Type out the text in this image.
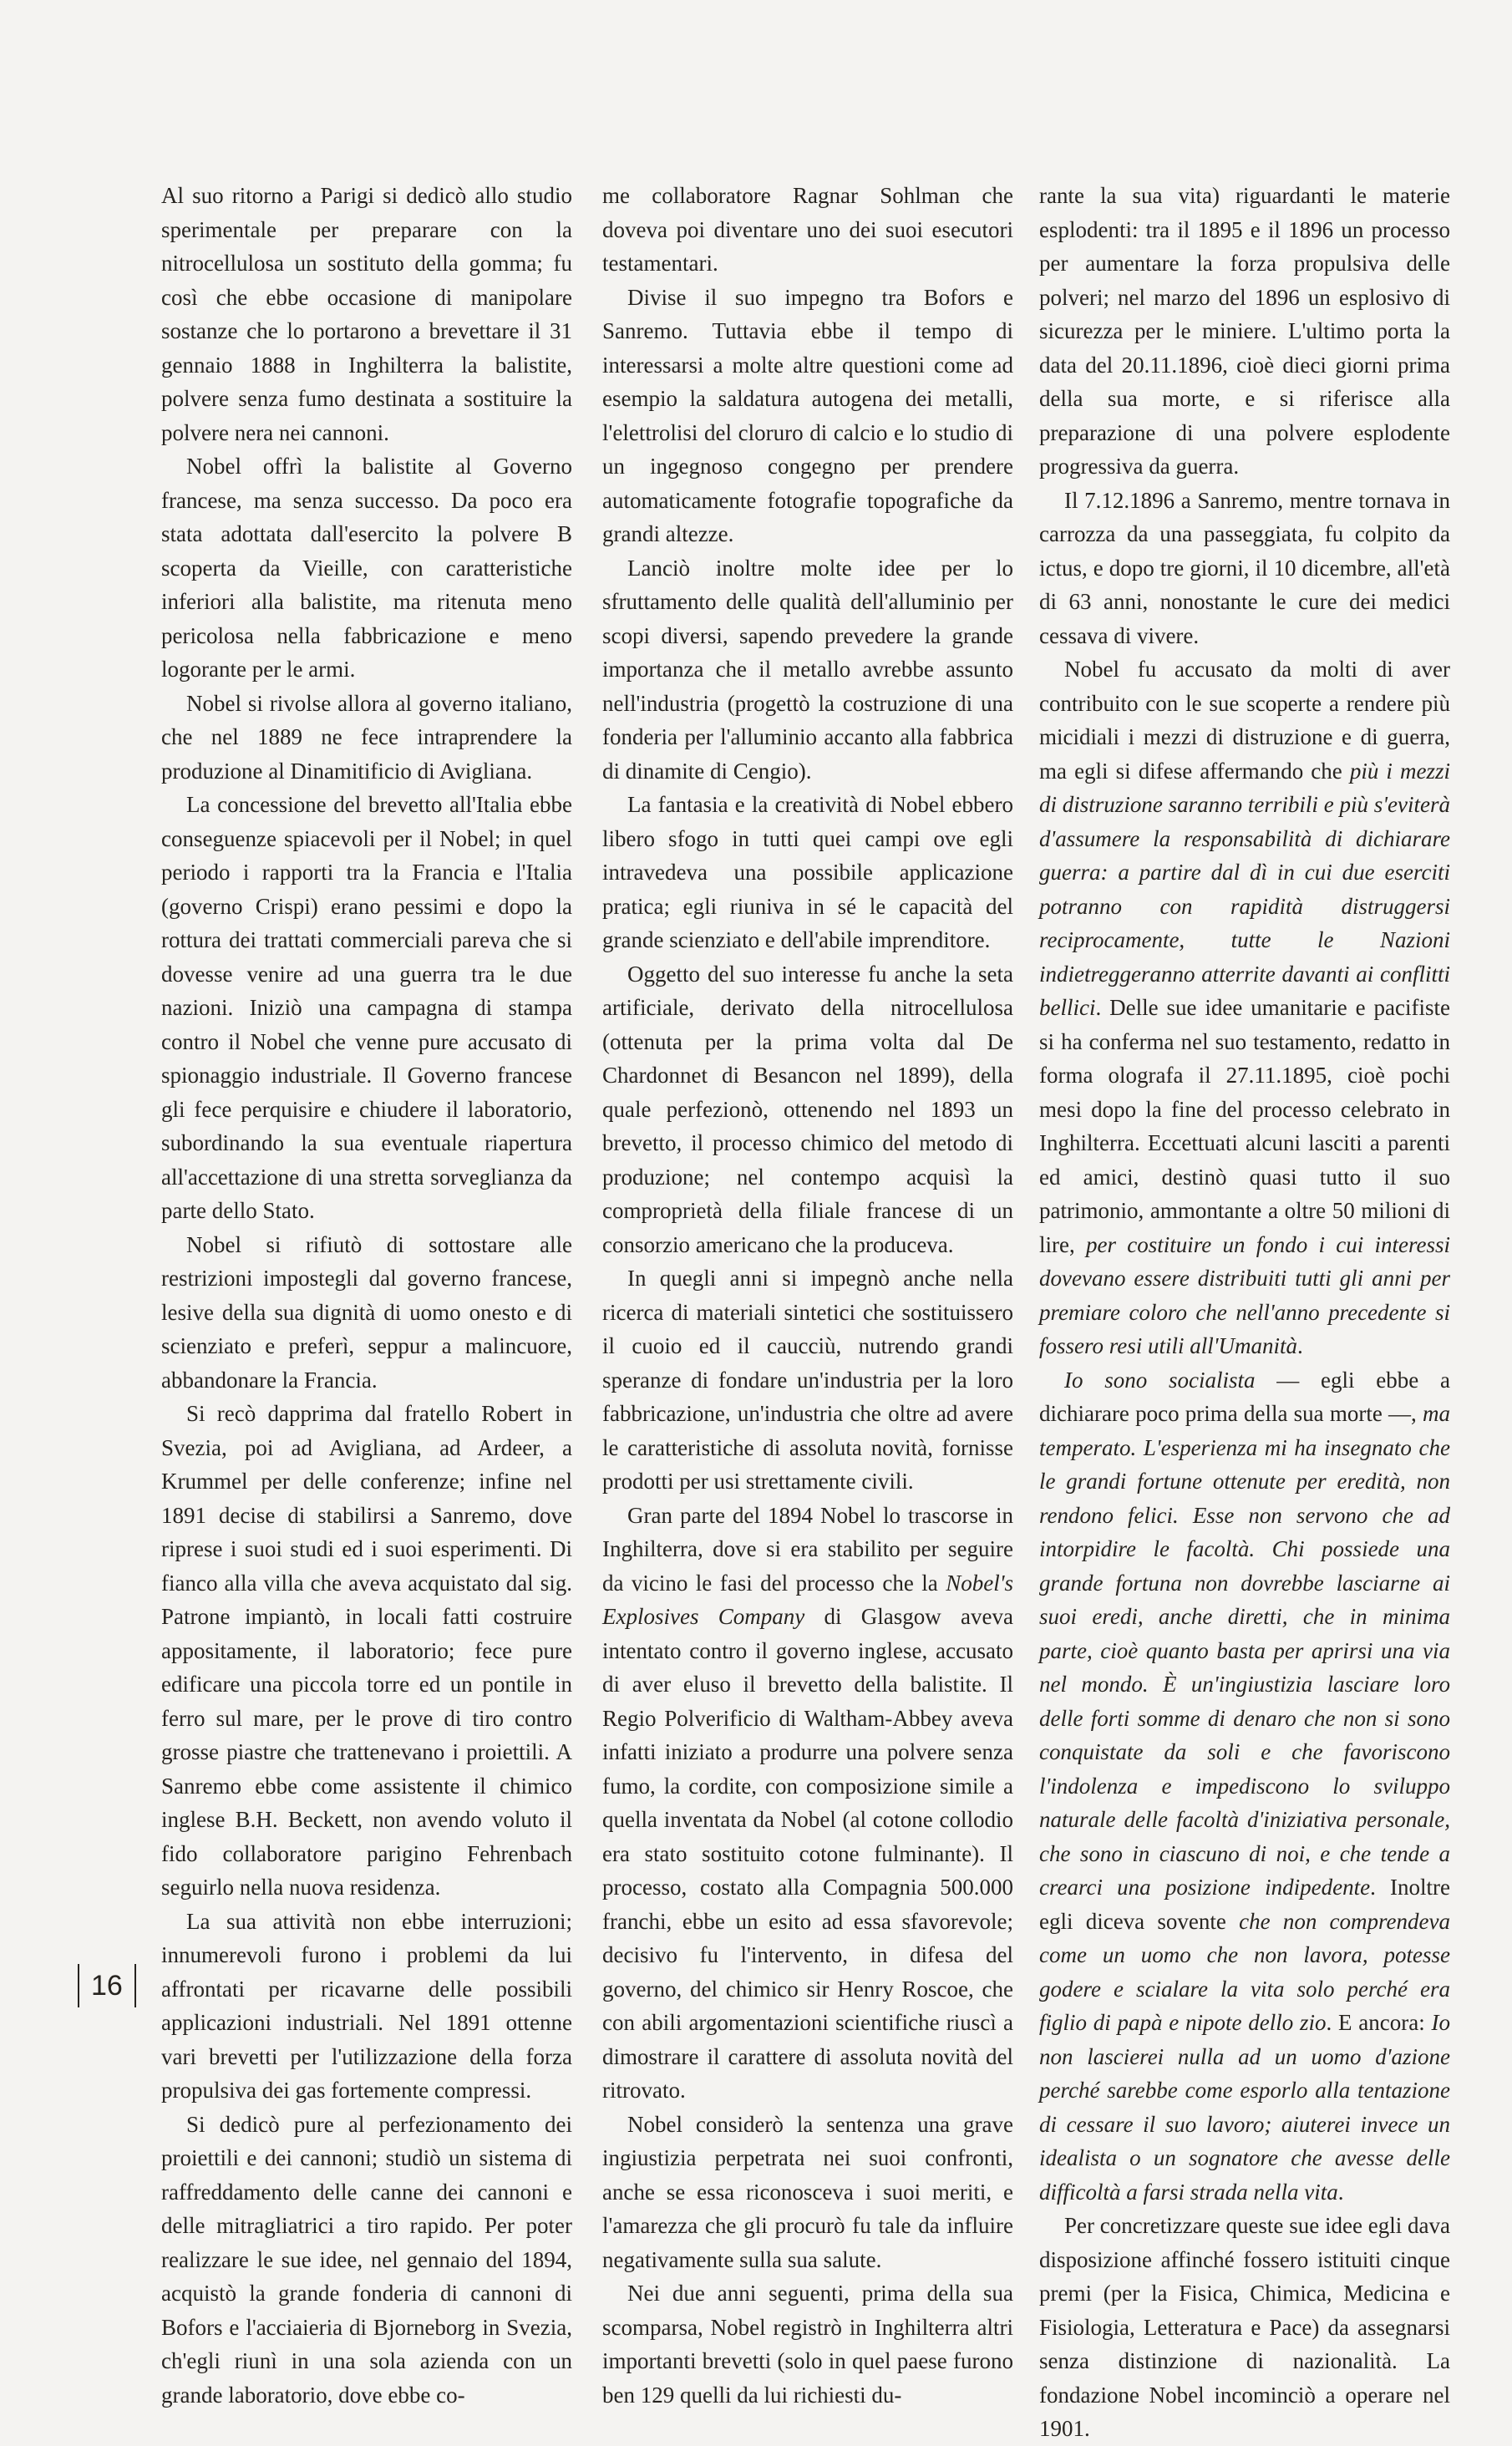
Al suo ritorno a Parigi si dedicò allo studio sperimentale per preparare con la nitrocellulosa un sostituto della gomma; fu così che ebbe occasione di manipolare sostanze che lo portarono a brevettare il 31 gennaio 1888 in Inghilterra la balistite, polvere senza fumo destinata a sostituire la polvere nera nei cannoni.

Nobel offrì la balistite al Governo francese, ma senza successo. Da poco era stata adottata dall'esercito la polvere B scoperta da Vieille, con caratteristiche inferiori alla balistite, ma ritenuta meno pericolosa nella fabbricazione e meno logorante per le armi.

Nobel si rivolse allora al governo italiano, che nel 1889 ne fece intraprendere la produzione al Dinamitificio di Avigliana.

La concessione del brevetto all'Italia ebbe conseguenze spiacevoli per il Nobel; in quel periodo i rapporti tra la Francia e l'Italia (governo Crispi) erano pessimi e dopo la rottura dei trattati commerciali pareva che si dovesse venire ad una guerra tra le due nazioni. Iniziò una campagna di stampa contro il Nobel che venne pure accusato di spionaggio industriale. Il Governo francese gli fece perquisire e chiudere il laboratorio, subordinando la sua eventuale riapertura all'accettazione di una stretta sorveglianza da parte dello Stato.

Nobel si rifiutò di sottostare alle restrizioni impostegli dal governo francese, lesive della sua dignità di uomo onesto e di scienziato e preferì, seppur a malincuore, abbandonare la Francia.

Si recò dapprima dal fratello Robert in Svezia, poi ad Avigliana, ad Ardeer, a Krummel per delle conferenze; infine nel 1891 decise di stabilirsi a Sanremo, dove riprese i suoi studi ed i suoi esperimenti. Di fianco alla villa che aveva acquistato dal sig. Patrone impiantò, in locali fatti costruire appositamente, il laboratorio; fece pure edificare una piccola torre ed un pontile in ferro sul mare, per le prove di tiro contro grosse piastre che trattenevano i proiettili. A Sanremo ebbe come assistente il chimico inglese B.H. Beckett, non avendo voluto il fido collaboratore parigino Fehrenbach seguirlo nella nuova residenza.

La sua attività non ebbe interruzioni; innumerevoli furono i problemi da lui affrontati per ricavarne delle possibili applicazioni industriali. Nel 1891 ottenne vari brevetti per l'utilizzazione della forza propulsiva dei gas fortemente compressi.

Si dedicò pure al perfezionamento dei proiettili e dei cannoni; studiò un sistema di raffreddamento delle canne dei cannoni e delle mitragliatrici a tiro rapido. Per poter realizzare le sue idee, nel gennaio del 1894, acquistò la grande fonderia di cannoni di Bofors e l'acciaieria di Bjorneborg in Svezia, ch'egli riunì in una sola azienda con un grande laboratorio, dove ebbe co-

me collaboratore Ragnar Sohlman che doveva poi diventare uno dei suoi esecutori testamentari.

Divise il suo impegno tra Bofors e Sanremo. Tuttavia ebbe il tempo di interessarsi a molte altre questioni come ad esempio la saldatura autogena dei metalli, l'elettrolisi del cloruro di calcio e lo studio di un ingegnoso congegno per prendere automaticamente fotografie topografiche da grandi altezze.

Lanciò inoltre molte idee per lo sfruttamento delle qualità dell'alluminio per scopi diversi, sapendo prevedere la grande importanza che il metallo avrebbe assunto nell'industria (progettò la costruzione di una fonderia per l'alluminio accanto alla fabbrica di dinamite di Cengio).

La fantasia e la creatività di Nobel ebbero libero sfogo in tutti quei campi ove egli intravedeva una possibile applicazione pratica; egli riuniva in sé le capacità del grande scienziato e dell'abile imprenditore.

Oggetto del suo interesse fu anche la seta artificiale, derivato della nitrocellulosa (ottenuta per la prima volta dal De Chardonnet di Besancon nel 1899), della quale perfezionò, ottenendo nel 1893 un brevetto, il processo chimico del metodo di produzione; nel contempo acquisì la comproprietà della filiale francese di un consorzio americano che la produceva.

In quegli anni si impegnò anche nella ricerca di materiali sintetici che sostituissero il cuoio ed il caucciù, nutrendo grandi speranze di fondare un'industria per la loro fabbricazione, un'industria che oltre ad avere le caratteristiche di assoluta novità, fornisse prodotti per usi strettamente civili.

Gran parte del 1894 Nobel lo trascorse in Inghilterra, dove si era stabilito per seguire da vicino le fasi del processo che la Nobel's Explosives Company di Glasgow aveva intentato contro il governo inglese, accusato di aver eluso il brevetto della balistite. Il Regio Polverificio di Waltham-Abbey aveva infatti iniziato a produrre una polvere senza fumo, la cordite, con composizione simile a quella inventata da Nobel (al cotone collodio era stato sostituito cotone fulminante). Il processo, costato alla Compagnia 500.000 franchi, ebbe un esito ad essa sfavorevole; decisivo fu l'intervento, in difesa del governo, del chimico sir Henry Roscoe, che con abili argomentazioni scientifiche riuscì a dimostrare il carattere di assoluta novità del ritrovato.

Nobel considerò la sentenza una grave ingiustizia perpetrata nei suoi confronti, anche se essa riconosceva i suoi meriti, e l'amarezza che gli procurò fu tale da influire negativamente sulla sua salute.

Nei due anni seguenti, prima della sua scomparsa, Nobel registrò in Inghilterra altri importanti brevetti (solo in quel paese furono ben 129 quelli da lui richiesti du-

rante la sua vita) riguardanti le materie esplodenti: tra il 1895 e il 1896 un processo per aumentare la forza propulsiva delle polveri; nel marzo del 1896 un esplosivo di sicurezza per le miniere. L'ultimo porta la data del 20.11.1896, cioè dieci giorni prima della sua morte, e si riferisce alla preparazione di una polvere esplodente progressiva da guerra.

Il 7.12.1896 a Sanremo, mentre tornava in carrozza da una passeggiata, fu colpito da ictus, e dopo tre giorni, il 10 dicembre, all'età di 63 anni, nonostante le cure dei medici cessava di vivere.

Nobel fu accusato da molti di aver contribuito con le sue scoperte a rendere più micidiali i mezzi di distruzione e di guerra, ma egli si difese affermando che più i mezzi di distruzione saranno terribili e più s'eviterà d'assumere la responsabilità di dichiarare guerra: a partire dal dì in cui due eserciti potranno con rapidità distruggersi reciprocamente, tutte le Nazioni indietreggeranno atterrite davanti ai conflitti bellici. Delle sue idee umanitarie e pacifiste si ha conferma nel suo testamento, redatto in forma olografa il 27.11.1895, cioè pochi mesi dopo la fine del processo celebrato in Inghilterra. Eccettuati alcuni lasciti a parenti ed amici, destinò quasi tutto il suo patrimonio, ammontante a oltre 50 milioni di lire, per costituire un fondo i cui interessi dovevano essere distribuiti tutti gli anni per premiare coloro che nell'anno precedente si fossero resi utili all'Umanità.

Io sono socialista — egli ebbe a dichiarare poco prima della sua morte —, ma temperato. L'esperienza mi ha insegnato che le grandi fortune ottenute per eredità, non rendono felici. Esse non servono che ad intorpidire le facoltà. Chi possiede una grande fortuna non dovrebbe lasciarne ai suoi eredi, anche diretti, che in minima parte, cioè quanto basta per aprirsi una via nel mondo. È un'ingiustizia lasciare loro delle forti somme di denaro che non si sono conquistate da soli e che favoriscono l'indolenza e impediscono lo sviluppo naturale delle facoltà d'iniziativa personale, che sono in ciascuno di noi, e che tende a crearci una posizione indipedente. Inoltre egli diceva sovente che non comprendeva come un uomo che non lavora, potesse godere e scialare la vita solo perché era figlio di papà e nipote dello zio. E ancora: Io non lascierei nulla ad un uomo d'azione perché sarebbe come esporlo alla tentazione di cessare il suo lavoro; aiuterei invece un idealista o un sognatore che avesse delle difficoltà a farsi strada nella vita.

Per concretizzare queste sue idee egli dava disposizione affinché fossero istituiti cinque premi (per la Fisica, Chimica, Medicina e Fisiologia, Letteratura e Pace) da assegnarsi senza distinzione di nazionalità. La fondazione Nobel incominciò a operare nel 1901.

16
